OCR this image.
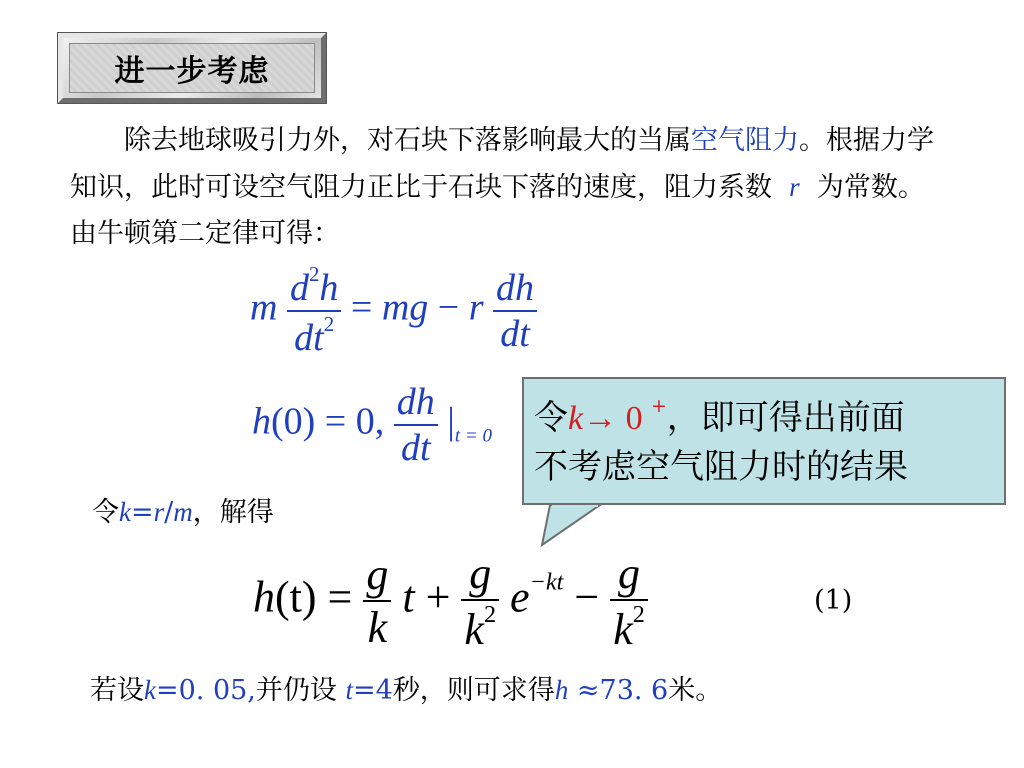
进一步考虑
　　除去地球吸引力外，对石块下落影响最大的当属空气阻力。根据力学知识，此时可设空气阻力正比于石块下落的速度，阻力系数 r 为常数。由牛顿第二定律可得：
m $\frac{d^2h}{dt^2}$ = mg − r $\frac{dh}{dt}$
h(0) = 0, $\frac{dh}{dt} |t = 0$ 令k→ 0 +，即可得出前面
不考虑空气阻力时的结果
令k=r/m，解得
$h(t) = \frac{g}{k}$ $t + \frac{g}{k^2} e^{-kt} - \frac{g}{k^2}$	(1)
若设k=0. 05,并仍设 t=4秒，则可求得h ≈73. 6米。
